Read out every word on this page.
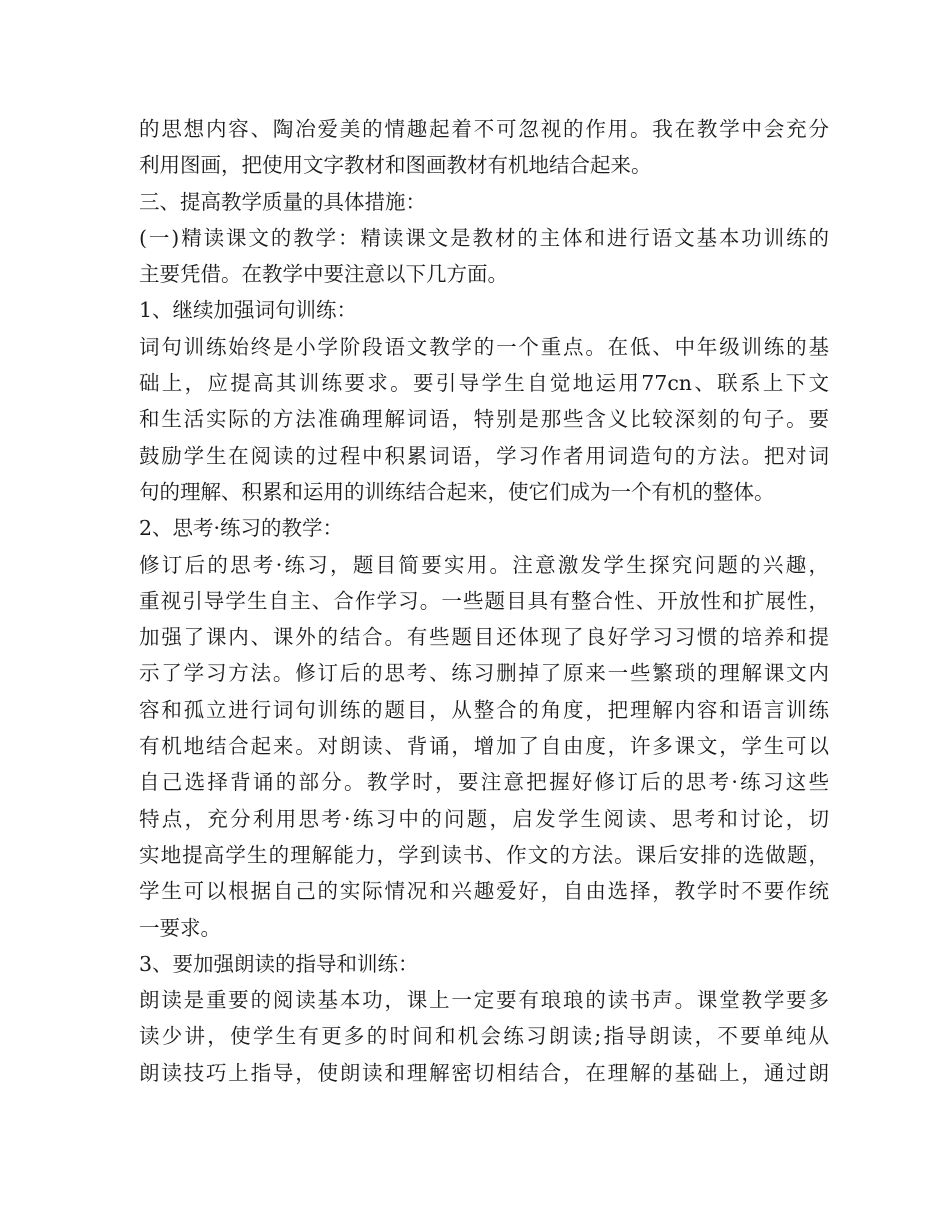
的思想内容、陶冶爱美的情趣起着不可忽视的作用。我在教学中会充分
利用图画，把使用文字教材和图画教材有机地结合起来。
三、提高教学质量的具体措施：
(一)精读课文的教学：精读课文是教材的主体和进行语文基本功训练的
主要凭借。在教学中要注意以下几方面。
1、继续加强词句训练：
词句训练始终是小学阶段语文教学的一个重点。在低、中年级训练的基
础上，应提高其训练要求。要引导学生自觉地运用77cn、联系上下文
和生活实际的方法准确理解词语，特别是那些含义比较深刻的句子。要
鼓励学生在阅读的过程中积累词语，学习作者用词造句的方法。把对词
句的理解、积累和运用的训练结合起来，使它们成为一个有机的整体。
2、思考·练习的教学：
修订后的思考·练习，题目简要实用。注意激发学生探究问题的兴趣，
重视引导学生自主、合作学习。一些题目具有整合性、开放性和扩展性，
加强了课内、课外的结合。有些题目还体现了良好学习习惯的培养和提
示了学习方法。修订后的思考、练习删掉了原来一些繁琐的理解课文内
容和孤立进行词句训练的题目，从整合的角度，把理解内容和语言训练
有机地结合起来。对朗读、背诵，增加了自由度，许多课文，学生可以
自己选择背诵的部分。教学时，要注意把握好修订后的思考·练习这些
特点，充分利用思考·练习中的问题，启发学生阅读、思考和讨论，切
实地提高学生的理解能力，学到读书、作文的方法。课后安排的选做题，
学生可以根据自己的实际情况和兴趣爱好，自由选择，教学时不要作统
一要求。
3、要加强朗读的指导和训练：
朗读是重要的阅读基本功，课上一定要有琅琅的读书声。课堂教学要多
读少讲，使学生有更多的时间和机会练习朗读;指导朗读，不要单纯从
朗读技巧上指导，使朗读和理解密切相结合，在理解的基础上，通过朗
